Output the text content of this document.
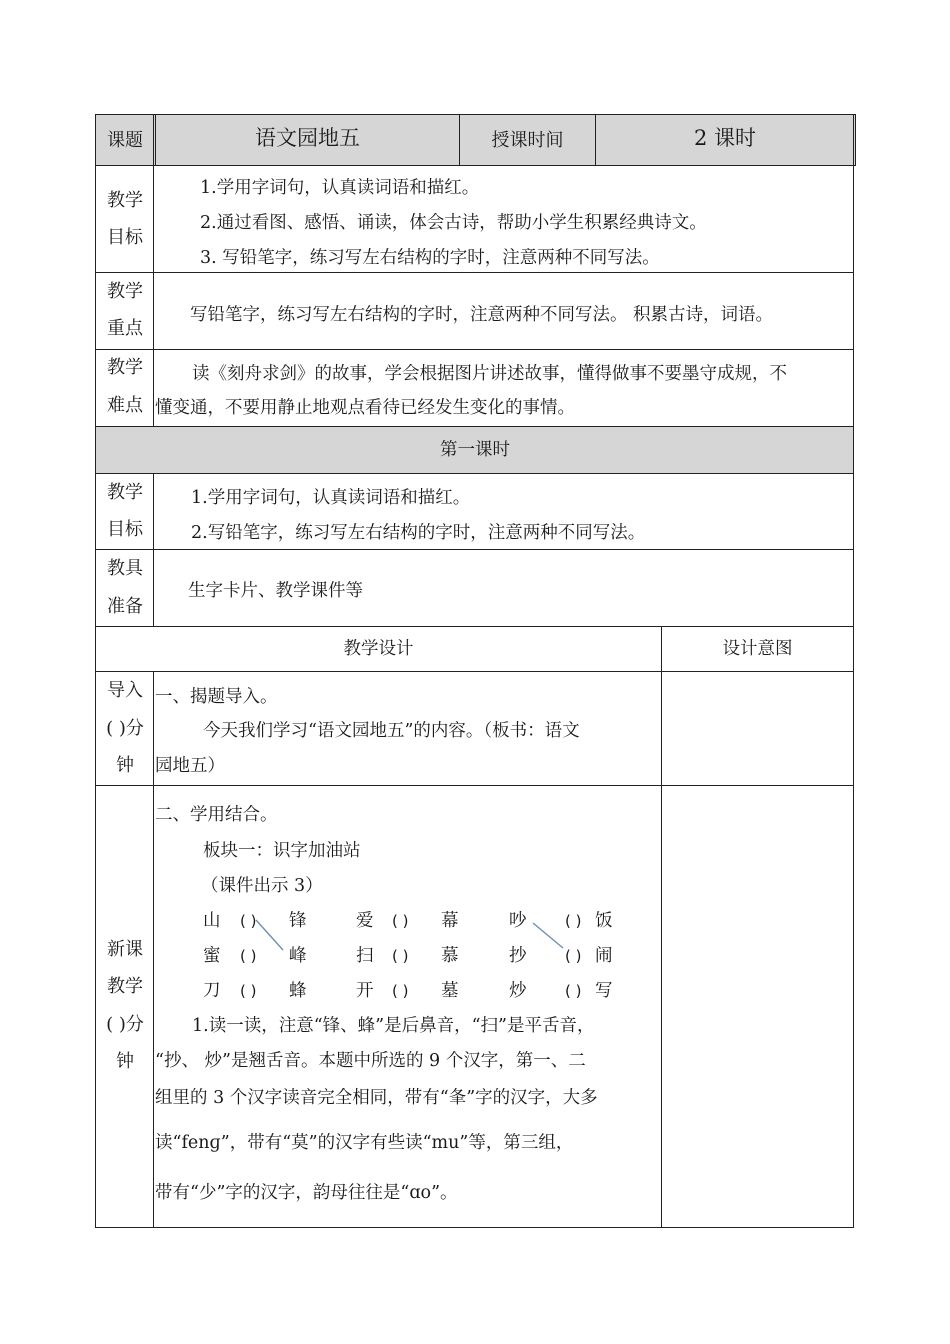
课题	语文园地五	授课时间	2 课时
教学
目标
1.学用字词句，认真读词语和描红。
2.通过看图、感悟、诵读，体会古诗，帮助小学生积累经典诗文。
3. 写铅笔字，练习写左右结构的字时，注意两种不同写法。
教学
重点
写铅笔字，练习写左右结构的字时，注意两种不同写法。 积累古诗，词语。
教学
难点
读《刻舟求剑》的故事，学会根据图片讲述故事，懂得做事不要墨守成规，不
懂变通，不要用静止地观点看待已经发生变化的事情。
第一课时
教学
目标
1.学用字词句，认真读词语和描红。
2.写铅笔字，练习写左右结构的字时，注意两种不同写法。
教具
准备
生字卡片、教学课件等
教学设计	设计意图
导入
( )分
钟
一、揭题导入。
今天我们学习“语文园地五”的内容。（板书：语文
园地五）
新课
教学
( )分
钟
二、学用结合。
板块一：识字加油站
（课件出示 3）
山 ( ) 锋	爱 ( ) 幕	吵	( ) 饭
蜜 ( ) 峰	扫 ( ) 慕	抄	( ) 闹
刀 ( ) 蜂	开 ( ) 墓	炒	( ) 写
1.读一读，注意“锋、蜂”是后鼻音，“扫”是平舌音，
“抄、 炒”是翘舌音。本题中所选的 9 个汉字，第一、二
组里的 3 个汉字读音完全相同，带有“夆”字的汉字，大多
读“fenɡ”，带有“莫”的汉字有些读“mu”等，第三组，
带有“少”字的汉字，韵母往往是“ɑo”。
